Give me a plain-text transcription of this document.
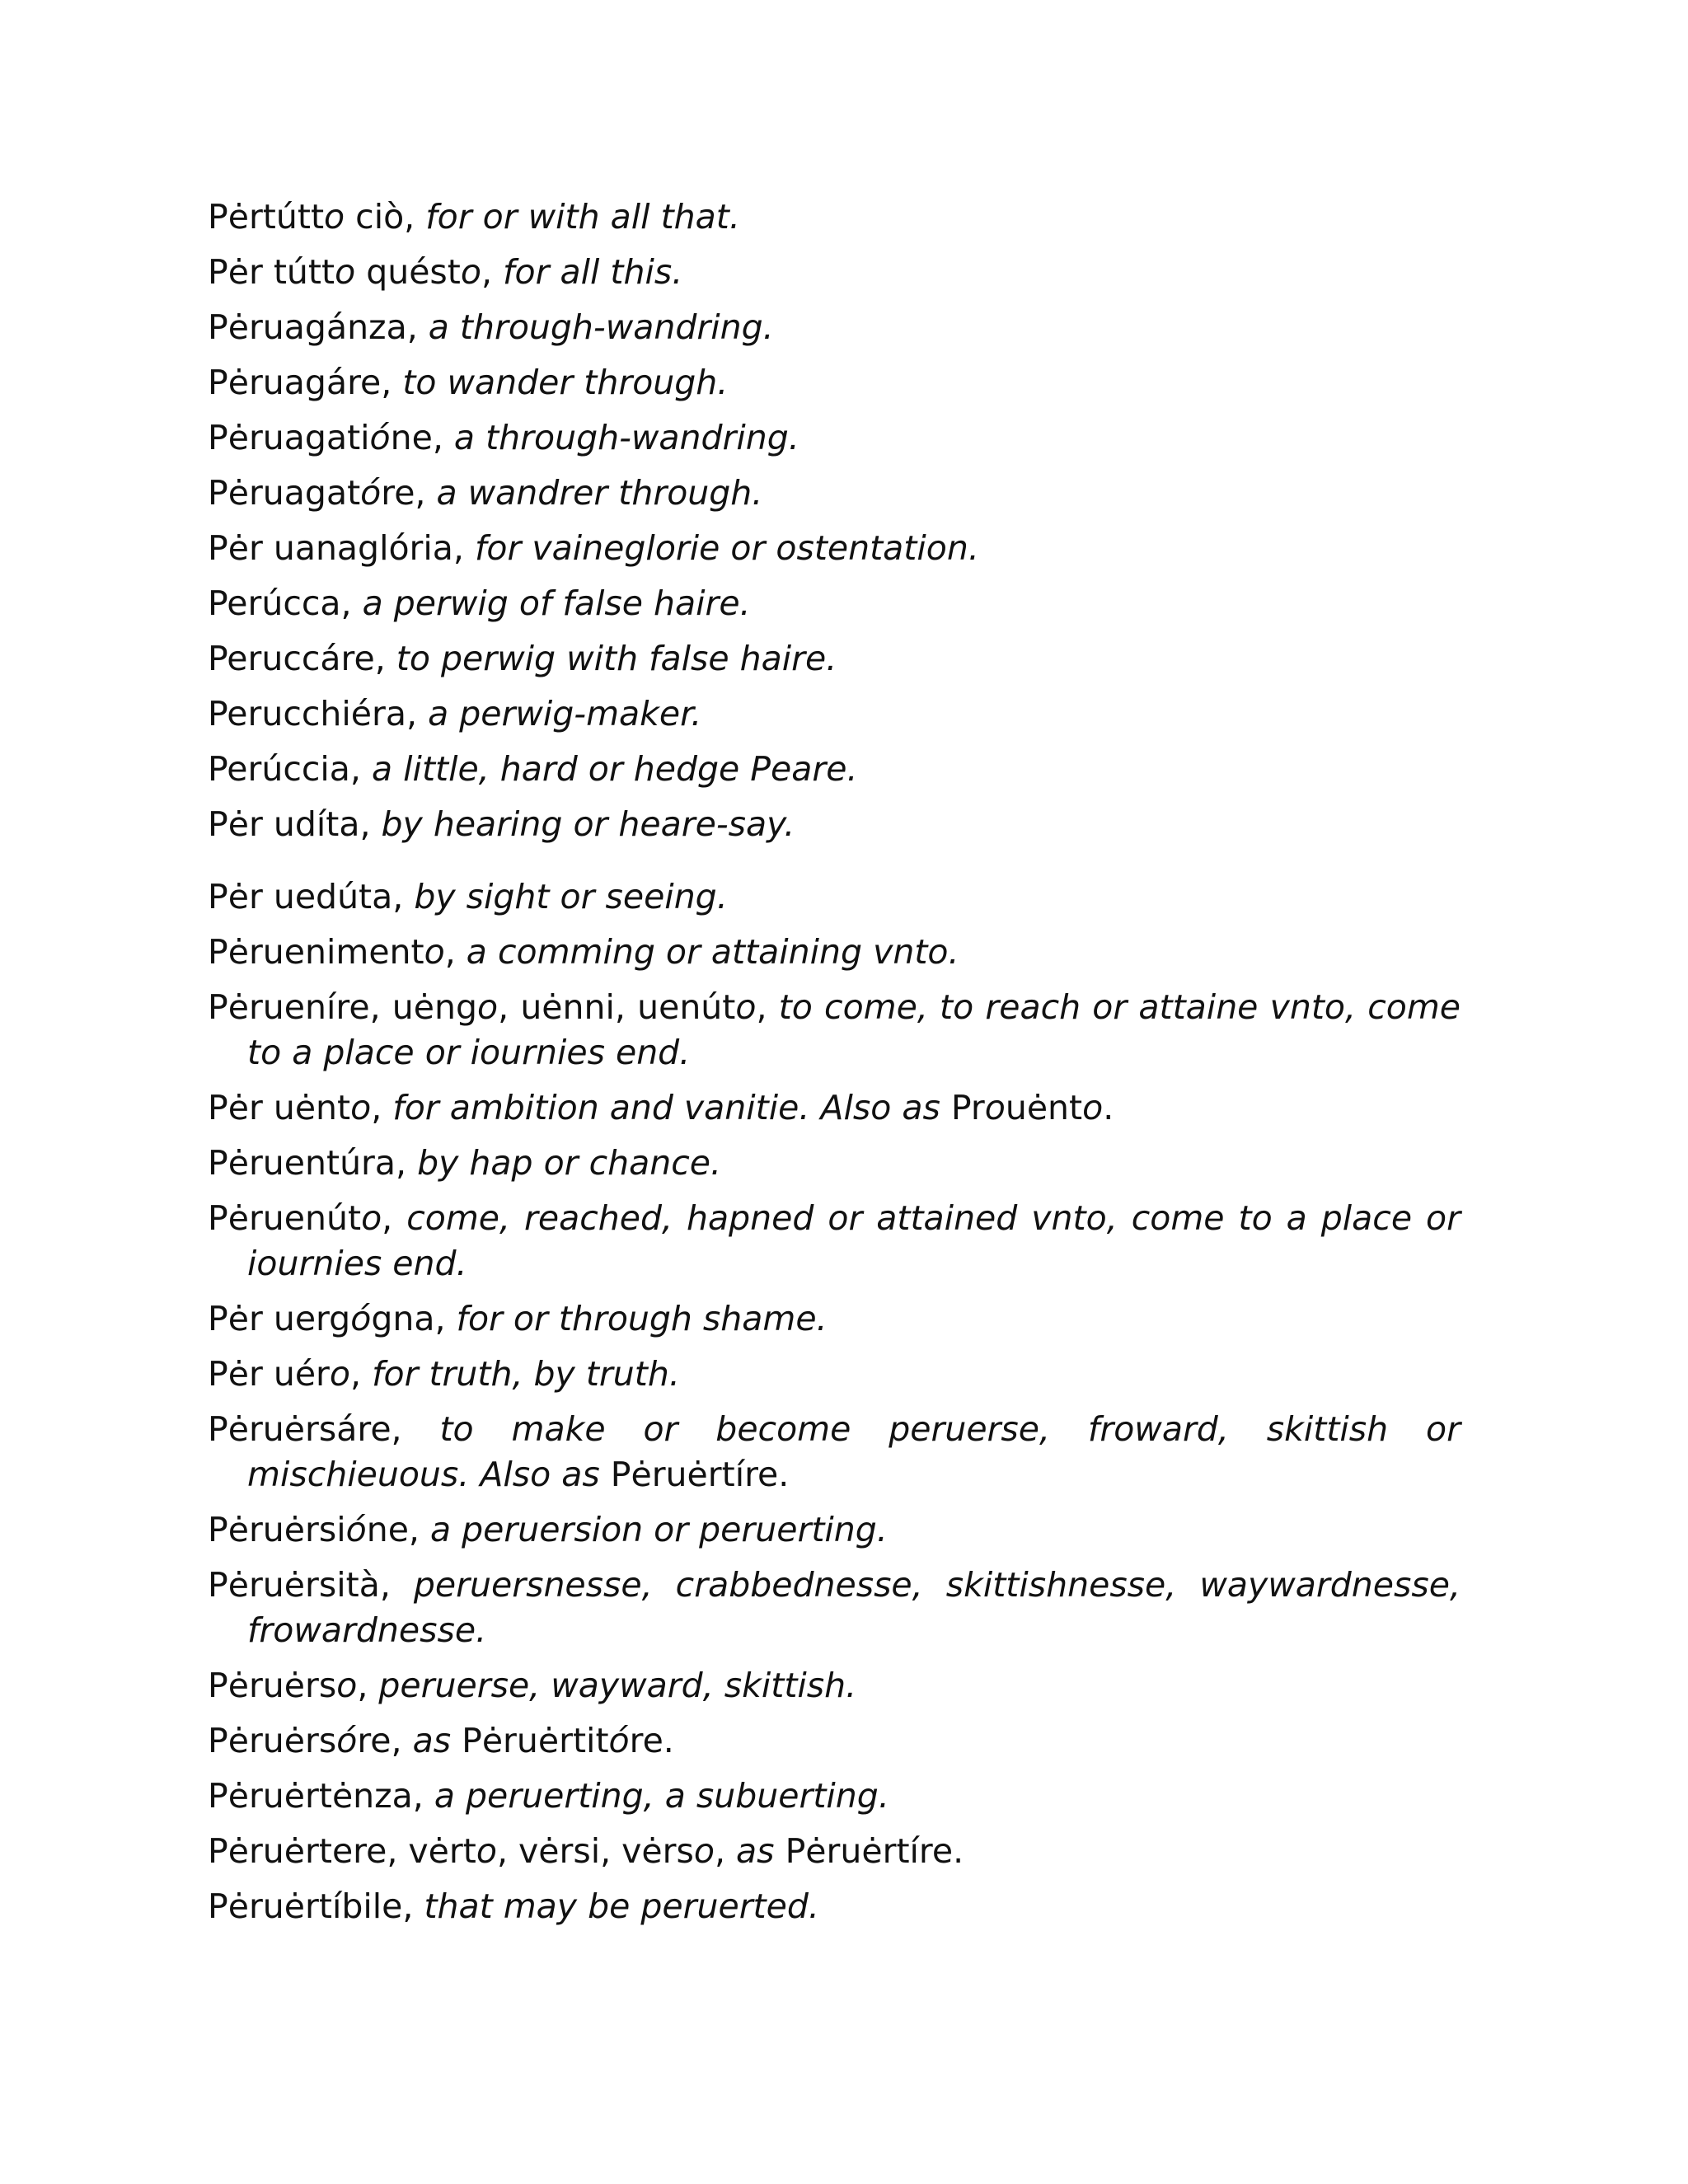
Pėrtútto ciò, for or with all that.

Pėr tútto quésto, for all this.

Pėruagánza, a through-wandring.

Pėruagáre, to wander through.

Pėruagatióne, a through-wandring.

Pėruagatóre, a wandrer through.

Pėr uanaglória, for vaineglorie or ostentation.

Perúcca, a perwig of false haire.

Peruccáre, to perwig with false haire.

Perucchiéra, a perwig-maker.

Perúccia, a little, hard or hedge Peare.

Pėr udíta, by hearing or heare-say.

Pėr uedúta, by sight or seeing.

Pėruenimento, a comming or attaining vnto.

Pėrueníre, uėngo, uėnni, uenúto, to come, to reach or attaine vnto, come to a place or iournies end.

Pėr uėnto, for ambition and vanitie. Also as Prouėnto.

Pėruentúra, by hap or chance.

Pėruenúto, come, reached, hapned or attained vnto, come to a place or iournies end.

Pėr uergógna, for or through shame.

Pėr uéro, for truth, by truth.

Pėruėrsáre, to make or become peruerse, froward, skittish or mischieuous. Also as Pėruėrtíre.

Pėruėrsióne, a peruersion or peruerting.

Pėruėrsità, peruersnesse, crabbednesse, skittishnesse, waywardnesse, frowardnesse.

Pėruėrso, peruerse, wayward, skittish.

Pėruėrsóre, as Pėruėrtitóre.

Pėruėrtėnza, a peruerting, a subuerting.

Pėruėrtere, vėrto, vėrsi, vėrso, as Pėruėrtíre.

Pėruėrtíbile, that may be peruerted.
